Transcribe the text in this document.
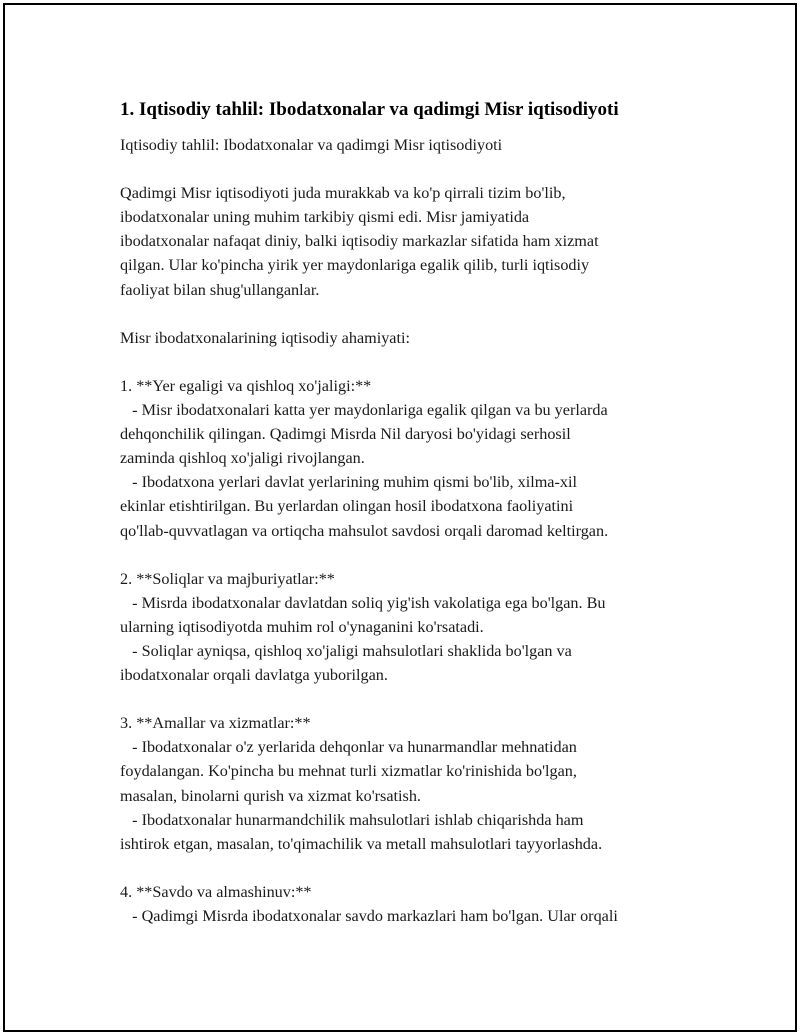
1. Iqtisodiy tahlil: Ibodatxonalar va qadimgi Misr iqtisodiyoti

Iqtisodiy tahlil: Ibodatxonalar va qadimgi Misr iqtisodiyoti

Qadimgi Misr iqtisodiyoti juda murakkab va ko'p qirrali tizim bo'lib,

ibodatxonalar uning muhim tarkibiy qismi edi. Misr jamiyatida

ibodatxonalar nafaqat diniy, balki iqtisodiy markazlar sifatida ham xizmat

qilgan. Ular ko'pincha yirik yer maydonlariga egalik qilib, turli iqtisodiy

faoliyat bilan shug'ullanganlar.

Misr ibodatxonalarining iqtisodiy ahamiyati:

1. **Yer egaligi va qishloq xo'jaligi:**

- Misr ibodatxonalari katta yer maydonlariga egalik qilgan va bu yerlarda

dehqonchilik qilingan. Qadimgi Misrda Nil daryosi bo'yidagi serhosil

zaminda qishloq xo'jaligi rivojlangan.

- Ibodatxona yerlari davlat yerlarining muhim qismi bo'lib, xilma-xil

ekinlar etishtirilgan. Bu yerlardan olingan hosil ibodatxona faoliyatini

qo'llab-quvvatlagan va ortiqcha mahsulot savdosi orqali daromad keltirgan.

2. **Soliqlar va majburiyatlar:**

- Misrda ibodatxonalar davlatdan soliq yig'ish vakolatiga ega bo'lgan. Bu

ularning iqtisodiyotda muhim rol o'ynaganini ko'rsatadi.

- Soliqlar ayniqsa, qishloq xo'jaligi mahsulotlari shaklida bo'lgan va

ibodatxonalar orqali davlatga yuborilgan.

3. **Amallar va xizmatlar:**

- Ibodatxonalar o'z yerlarida dehqonlar va hunarmandlar mehnatidan

foydalangan. Ko'pincha bu mehnat turli xizmatlar ko'rinishida bo'lgan,

masalan, binolarni qurish va xizmat ko'rsatish.

- Ibodatxonalar hunarmandchilik mahsulotlari ishlab chiqarishda ham

ishtirok etgan, masalan, to'qimachilik va metall mahsulotlari tayyorlashda.

4. **Savdo va almashinuv:**

- Qadimgi Misrda ibodatxonalar savdo markazlari ham bo'lgan. Ular orqali
